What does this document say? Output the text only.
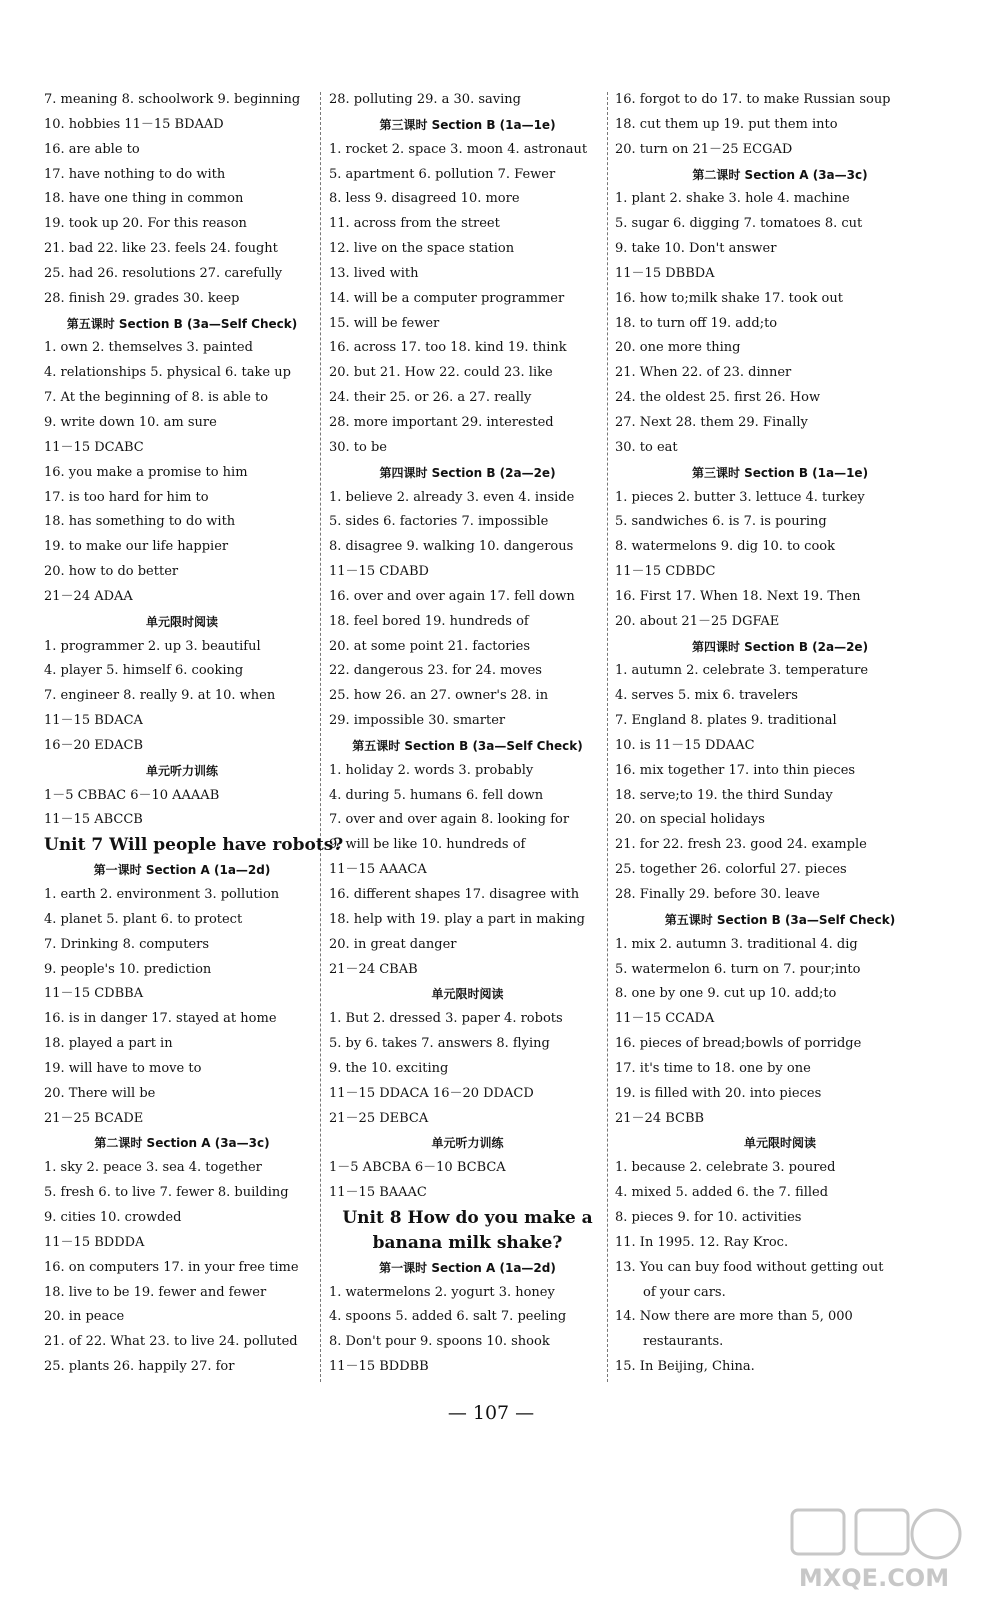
7. meaning 8. schoolwork 9. beginning
10. hobbies 11－15 BDAAD
16. are able to
17. have nothing to do with
18. have one thing in common
19. took up 20. For this reason
21. bad 22. like 23. feels 24. fought
25. had 26. resolutions 27. carefully
28. finish 29. grades 30. keep
第五课时 Section B (3a—Self Check)
1. own 2. themselves 3. painted
4. relationships 5. physical 6. take up
7. At the beginning of 8. is able to
9. write down 10. am sure
11－15 DCABC
16. you make a promise to him
17. is too hard for him to
18. has something to do with
19. to make our life happier
20. how to do better
21－24 ADAA
单元限时阅读
1. programmer 2. up 3. beautiful
4. player 5. himself 6. cooking
7. engineer 8. really 9. at 10. when
11－15 BDACA
16－20 EDACB
单元听力训练
1－5 CBBAC 6－10 AAAAB
11－15 ABCCB
Unit 7 Will people have robots?
第一课时 Section A (1a—2d)
1. earth 2. environment 3. pollution
4. planet 5. plant 6. to protect
7. Drinking 8. computers
9. people's 10. prediction
11－15 CDBBA
16. is in danger 17. stayed at home
18. played a part in
19. will have to move to
20. There will be
21－25 BCADE
第二课时 Section A (3a—3c)
1. sky 2. peace 3. sea 4. together
5. fresh 6. to live 7. fewer 8. building
9. cities 10. crowded
11－15 BDDDA
16. on computers 17. in your free time
18. live to be 19. fewer and fewer
20. in peace
21. of 22. What 23. to live 24. polluted
25. plants 26. happily 27. for
28. polluting 29. a 30. saving
第三课时 Section B (1a—1e)
1. rocket 2. space 3. moon 4. astronaut
5. apartment 6. pollution 7. Fewer
8. less 9. disagreed 10. more
11. across from the street
12. live on the space station
13. lived with
14. will be a computer programmer
15. will be fewer
16. across 17. too 18. kind 19. think
20. but 21. How 22. could 23. like
24. their 25. or 26. a 27. really
28. more important 29. interested
30. to be
第四课时 Section B (2a—2e)
1. believe 2. already 3. even 4. inside
5. sides 6. factories 7. impossible
8. disagree 9. walking 10. dangerous
11－15 CDABD
16. over and over again 17. fell down
18. feel bored 19. hundreds of
20. at some point 21. factories
22. dangerous 23. for 24. moves
25. how 26. an 27. owner's 28. in
29. impossible 30. smarter
第五课时 Section B (3a—Self Check)
1. holiday 2. words 3. probably
4. during 5. humans 6. fell down
7. over and over again 8. looking for
9. will be like 10. hundreds of
11－15 AAACA
16. different shapes 17. disagree with
18. help with 19. play a part in making
20. in great danger
21－24 CBAB
单元限时阅读
1. But 2. dressed 3. paper 4. robots
5. by 6. takes 7. answers 8. flying
9. the 10. exciting
11－15 DDACA 16－20 DDACD
21－25 DEBCA
单元听力训练
1－5 ABCBA 6－10 BCBCA
11－15 BAAAC
Unit 8 How do you make a
banana milk shake?
第一课时 Section A (1a—2d)
1. watermelons 2. yogurt 3. honey
4. spoons 5. added 6. salt 7. peeling
8. Don't pour 9. spoons 10. shook
11－15 BDDBB
16. forgot to do 17. to make Russian soup
18. cut them up 19. put them into
20. turn on 21－25 ECGAD
第二课时 Section A (3a—3c)
1. plant 2. shake 3. hole 4. machine
5. sugar 6. digging 7. tomatoes 8. cut
9. take 10. Don't answer
11－15 DBBDA
16. how to;milk shake 17. took out
18. to turn off 19. add;to
20. one more thing
21. When 22. of 23. dinner
24. the oldest 25. first 26. How
27. Next 28. them 29. Finally
30. to eat
第三课时 Section B (1a—1e)
1. pieces 2. butter 3. lettuce 4. turkey
5. sandwiches 6. is 7. is pouring
8. watermelons 9. dig 10. to cook
11－15 CDBDC
16. First 17. When 18. Next 19. Then
20. about 21－25 DGFAE
第四课时 Section B (2a—2e)
1. autumn 2. celebrate 3. temperature
4. serves 5. mix 6. travelers
7. England 8. plates 9. traditional
10. is 11－15 DDAAC
16. mix together 17. into thin pieces
18. serve;to 19. the third Sunday
20. on special holidays
21. for 22. fresh 23. good 24. example
25. together 26. colorful 27. pieces
28. Finally 29. before 30. leave
第五课时 Section B (3a—Self Check)
1. mix 2. autumn 3. traditional 4. dig
5. watermelon 6. turn on 7. pour;into
8. one by one 9. cut up 10. add;to
11－15 CCADA
16. pieces of bread;bowls of porridge
17. it's time to 18. one by one
19. is filled with 20. into pieces
21－24 BCBB
单元限时阅读
1. because 2. celebrate 3. poured
4. mixed 5. added 6. the 7. filled
8. pieces 9. for 10. activities
11. In 1995. 12. Ray Kroc.
13. You can buy food without getting out
of your cars.
14. Now there are more than 5, 000
restaurants.
15. In Beijing, China.
— 107 —
MXQE.COM
